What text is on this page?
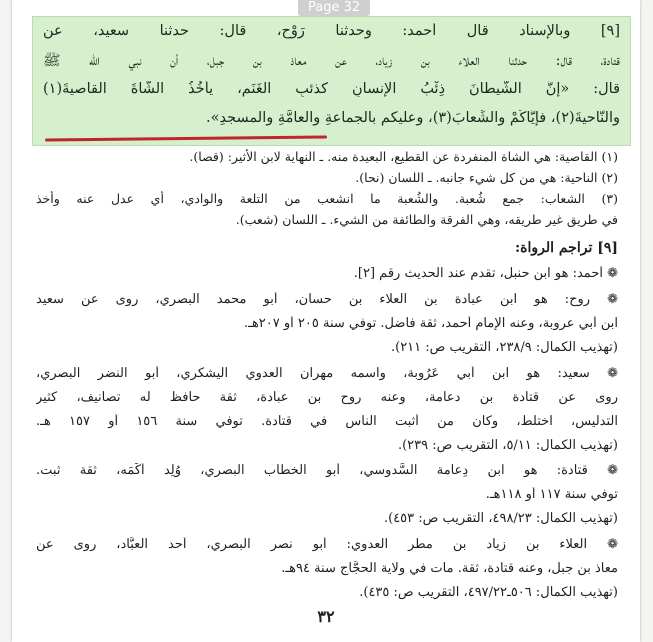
Page 32
[٩] وبالإسناد قال أحمد: وحدثنا رَوْح، قال: حدثنا سعيد، عن
قتادة، قال: حدثنا العلاء بن زياد، عن معاذ بن جبل، أن نبي الله ﷺ
قال: «إنَّ الشَّيطانَ ذِئْبُ الإنسانِ كذئبِ الغَنَمِ، يأخُذُ الشَّاةَ القاصيةَ(١)
والنَّاحيةَ(٢)، فإيَّاكُمْ والشِّعابَ(٣)، وعليكم بالجماعةِ والعامَّةِ والمسجدِ».
(١) القاصية: هي الشاة المنفردة عن القطيع، البعيدة منه. ـ النهاية لابن الأثير: (قصا).
(٢) الناحية: هي من كل شيء جانبه. ـ اللسان (نحا).
(٣) الشعاب: جمع شُعبة. والشُعبة ما انشعب من التلعة والوادي، أي عدل عنه وأخذ
في طريق غير طريقه، وهي الفرقة والطائفة من الشيء. ـ اللسان (شعب).
[٩] تراجم الرواة:
❁ أحمد: هو ابن حنبل، تقدم عند الحديث رقم [٢].
❁ روح: هو ابن عبادة بن العلاء بن حسان، أبو محمد البصري، روى عن سعيد
ابن أبي عروبة، وعنه الإمام أحمد، ثقة فاضل. توفي سنة ٢٠٥ أو ٢٠٧هـ.
(تهذيب الكمال: ٢٣٨/٩، التقريب ص: ٢١١).
❁ سعيد: هو ابن أبي عَرُوبة، واسمه مهران العدوي اليشكري، أبو النضر البصري،
روى عن قتادة بن دعامة، وعنه روح بن عبادة، ثقة حافظ له تصانيف، كثير
التدليس، اختلط، وكان من أثبت الناس في قتادة. توفي سنة ١٥٦ أو ١٥٧ هـ.
(تهذيب الكمال: ٥/١١، التقريب ص: ٢٣٩).
❁ قتادة: هو ابن دِعامة السَّدوسي، أبو الخطاب البصري، وُلِد أكْمَه، ثقة ثبت.
توفي سنة ١١٧ أو ١١٨هـ.
(تهذيب الكمال: ٤٩٨/٢٣، التقريب ص: ٤٥٣).
❁ العلاء بن زياد بن مطر العدوي: أبو نصر البصري، أحد العبَّاد، روى عن
معاذ بن جبل، وعنه قتادة، ثقة. مات في ولاية الحجَّاج سنة ٩٤هـ.
(تهذيب الكمال: ٥٠٦ـ٤٩٧/٢٢، التقريب ص: ٤٣٥).
٣٢
